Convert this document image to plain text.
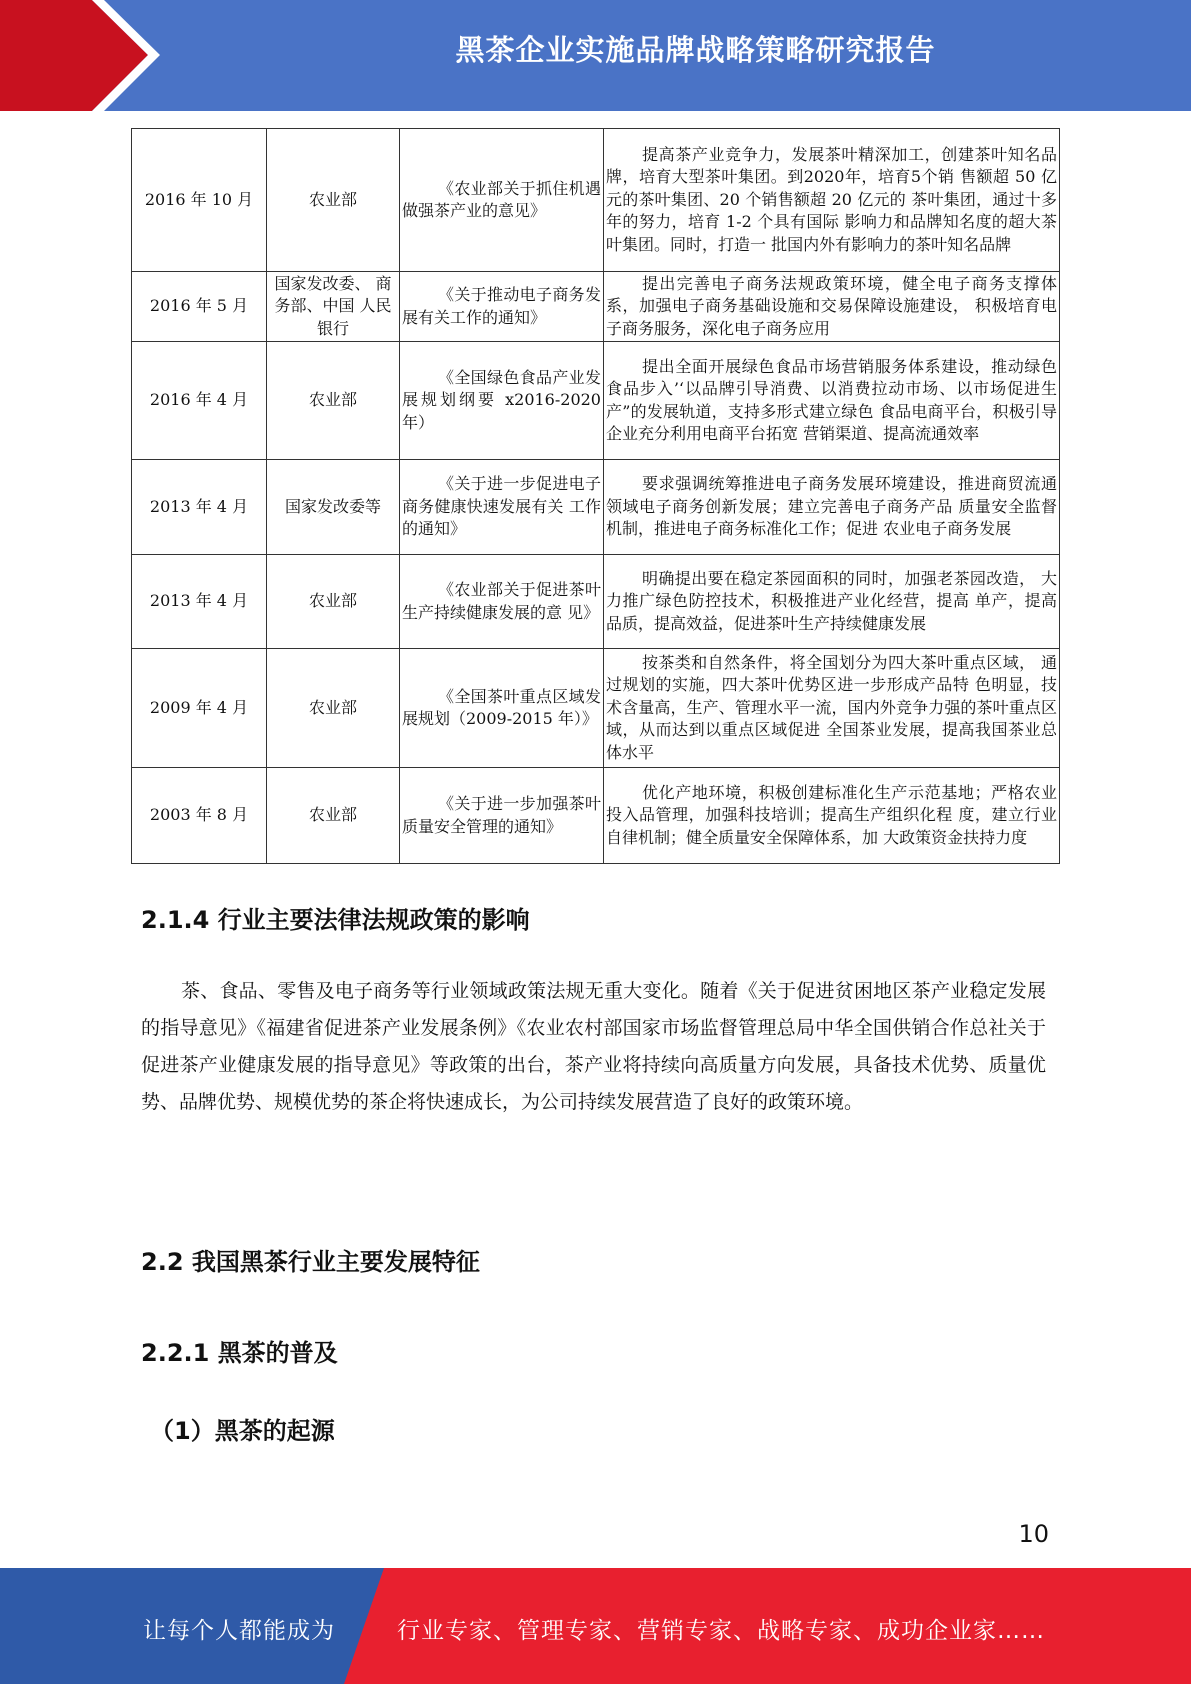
黑茶企业实施品牌战略策略研究报告
2016 年 10 月	农业部	《农业部关于抓住机遇 做强茶产业的意见》	提高茶产业竞争力，发展茶叶精深加工，创建茶叶知名品牌，培育大型茶叶集团。到2020年，培育5个销 售额超 50 亿元的茶叶集团、20 个销售额超 20 亿元的 茶叶集团，通过十多年的努力，培育 1-2 个具有国际 影响力和品牌知名度的超大茶叶集团。同时，打造一 批国内外有影响力的茶叶知名品牌
2016 年 5 月	国家发改委、 商务部、中国 人民银行	《关于推动电子商务发 展有关工作的通知》	提出完善电子商务法规政策环境，健全电子商务支撑体系，加强电子商务基础设施和交易保障设施建设， 积极培育电子商务服务，深化电子商务应用
2016 年 4 月	农业部	《全国绿色食品产业发 展规划纲要 x2016-2020 年）	提出全面开展绿色食品市场营销服务体系建设，推动绿色食品步入’‘以品牌引导消费、以消费拉动市场、以市场促进生产”的发展轨道，支持多形式建立绿色 食品电商平台，积极引导企业充分利用电商平台拓宽 营销渠道、提高流通效率
2013 年 4 月	国家发改委等	《关于进一步促进电子 商务健康快速发展有关 工作的通知》	要求强调统筹推进电子商务发展环境建设，推进商贸流通领域电子商务创新发展；建立完善电子商务产品 质量安全监督机制，推进电子商务标准化工作；促进 农业电子商务发展
2013 年 4 月	农业部	《农业部关于促进茶叶 生产持续健康发展的意 见》	明确提出要在稳定茶园面积的同时，加强老茶园改造， 大力推广绿色防控技术，积极推进产业化经营，提高 单产，提高品质，提高效益，促进茶叶生产持续健康发展
2009 年 4 月	农业部	《全国茶叶重点区域发 展规划（2009-2015 年）》	按茶类和自然条件，将全国划分为四大茶叶重点区域， 通过规划的实施，四大茶叶优势区进一步形成产品特 色明显，技术含量高，生产、管理水平一流，国内外竞争力强的茶叶重点区域，从而达到以重点区域促进 全国茶业发展，提高我国茶业总体水平
2003 年 8 月	农业部	《关于进一步加强茶叶 质量安全管理的通知》	优化产地环境，积极创建标准化生产示范基地；严格农业投入品管理，加强科技培训；提高生产组织化程 度，建立行业自律机制；健全质量安全保障体系，加 大政策资金扶持力度
2.1.4 行业主要法律法规政策的影响

茶、食品、零售及电子商务等行业领域政策法规无重大变化。随着《关于促进贫困地区茶产业稳定发展的指导意见》《福建省促进茶产业发展条例》《农业农村部国家市场监督管理总局中华全国供销合作总社关于促进茶产业健康发展的指导意见》等政策的出台，茶产业将持续向高质量方向发展，具备技术优势、质量优势、品牌优势、规模优势的茶企将快速成长，为公司持续发展营造了良好的政策环境。

2.2 我国黑茶行业主要发展特征
2.2.1 黑茶的普及
（1）黑茶的起源
10
让每个人都能成为	行业专家、管理专家、营销专家、战略专家、成功企业家……
